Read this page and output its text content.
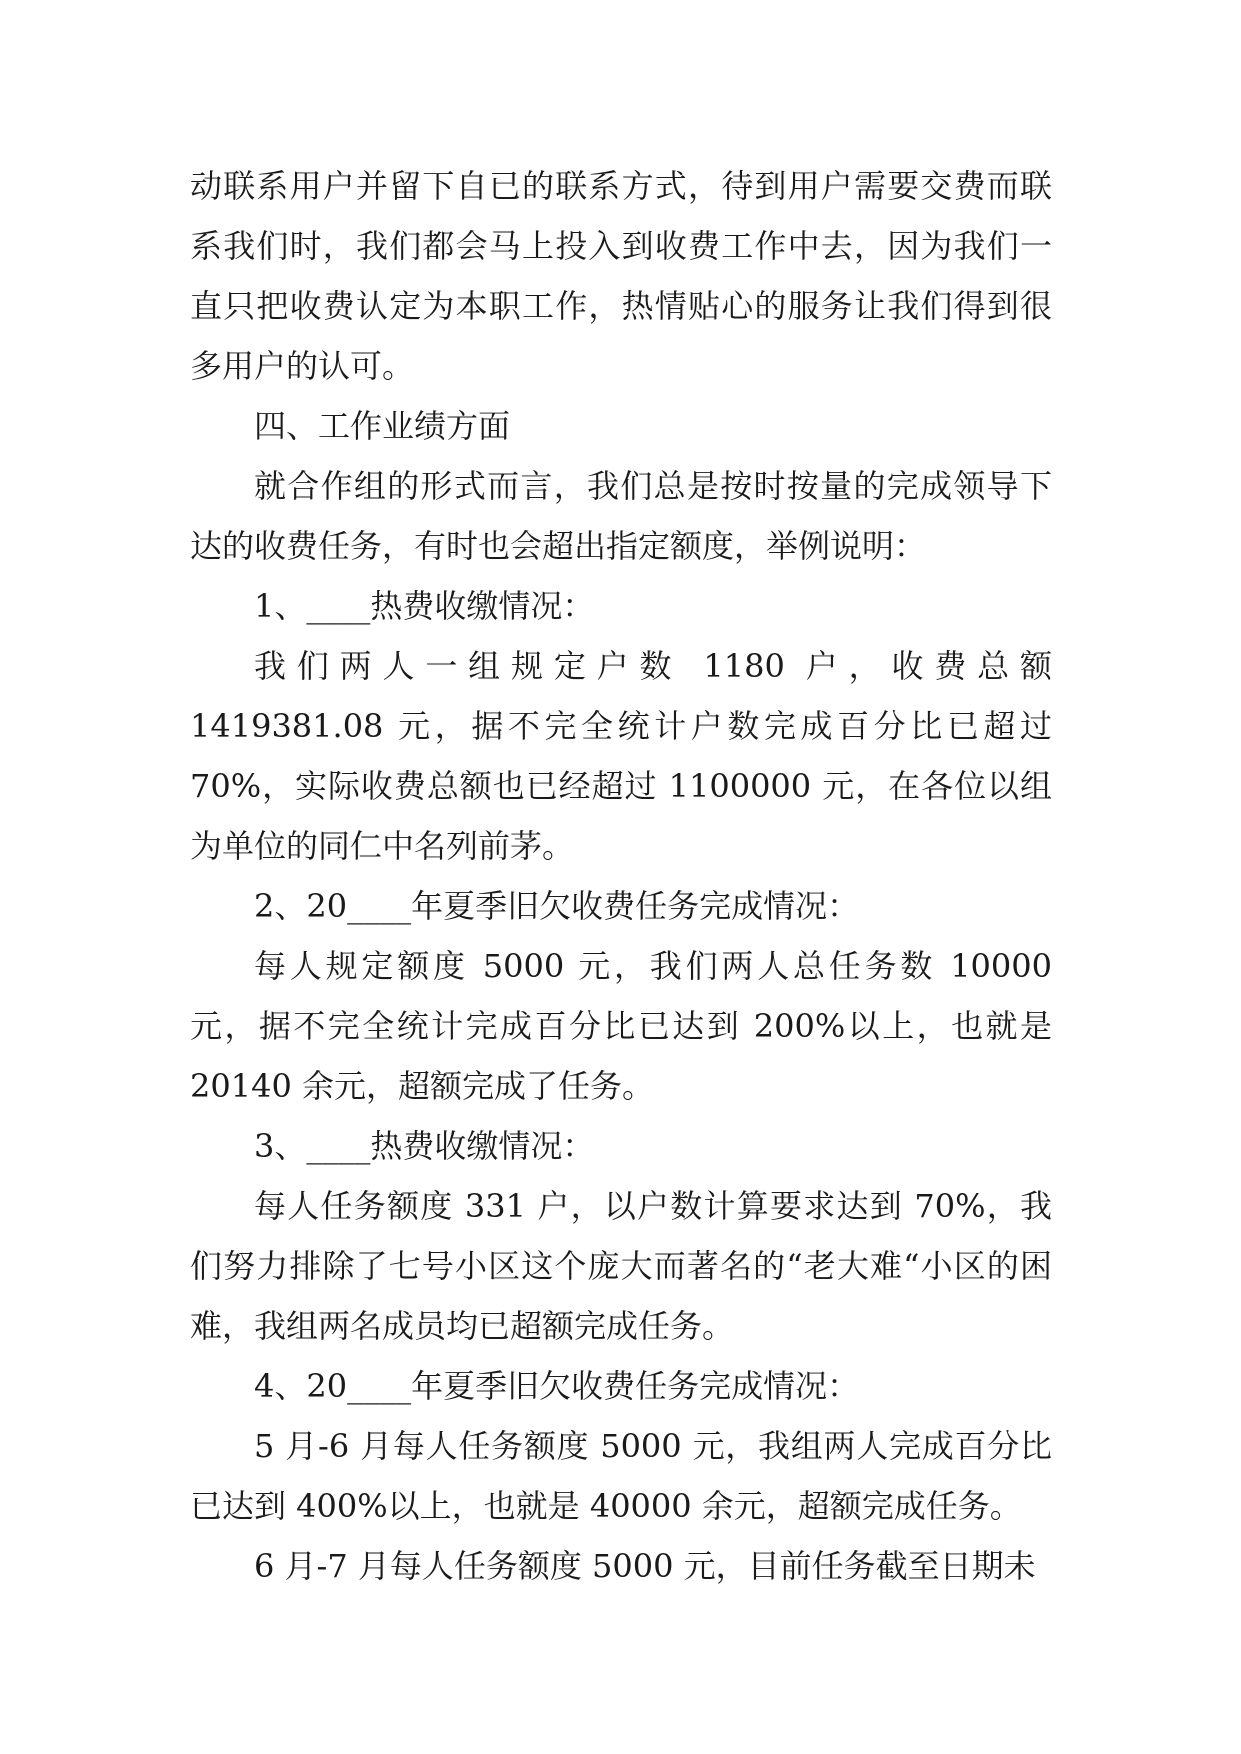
动联系用户并留下自已的联系方式，待到用户需要交费而联系我们时，我们都会马上投入到收费工作中去，因为我们一直只把收费认定为本职工作，热情贴心的服务让我们得到很多用户的认可。

四、工作业绩方面

就合作组的形式而言，我们总是按时按量的完成领导下达的收费任务，有时也会超出指定额度，举例说明：

1、____热费收缴情况：

我们两人一组规定户数 1180 户，收费总额 1419381.08 元，据不完全统计户数完成百分比已超过 70%，实际收费总额也已经超过 1100000 元，在各位以组为单位的同仁中名列前茅。

2、20____年夏季旧欠收费任务完成情况：

每人规定额度 5000 元，我们两人总任务数 10000 元，据不完全统计完成百分比已达到 200%以上，也就是 20140 余元，超额完成了任务。

3、____热费收缴情况：

每人任务额度 331 户，以户数计算要求达到 70%，我们努力排除了七号小区这个庞大而著名的“老大难“小区的困难，我组两名成员均已超额完成任务。

4、20____年夏季旧欠收费任务完成情况：

5 月-6 月每人任务额度 5000 元，我组两人完成百分比已达到 400%以上，也就是 40000 余元，超额完成任务。

6 月-7 月每人任务额度 5000 元，目前任务截至日期未
